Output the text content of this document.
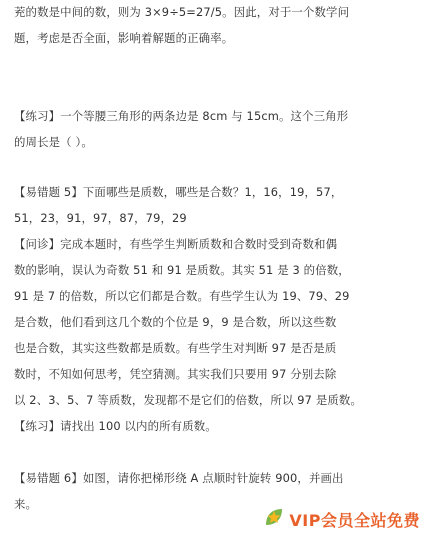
茺的数是中间的数，则为 3×9÷5=27/5。因此，对于一个数学问
题，考虑是否全面，影响着解题的正确率。
【练习】一个等腰三角形的两条边是 8cm 与 15cm。这个三角形
的周长是（ ）。
【易错题 5】下面哪些是质数，哪些是合数？1，16，19，57，
51，23，91，97，87，79，29
【问诊】完成本题时，有些学生判断质数和合数时受到奇数和偶
数的影响，误认为奇数 51 和 91 是质数。其实 51 是 3 的倍数，
91 是 7 的倍数，所以它们都是合数。有些学生认为 19、79、29
是合数，他们看到这几个数的个位是 9，9 是合数，所以这些数
也是合数，其实这些数都是质数。有些学生对判断 97 是否是质
数时，不知如何思考，凭空猜测。其实我们只要用 97 分别去除
以 2、3、5、7 等质数，发现都不是它们的倍数，所以 97 是质数。
【练习】请找出 100 以内的所有质数。
【易错题 6】如图，请你把梯形绕 A 点顺时针旋转 900，并画出
来。
VIP会员全站免费
